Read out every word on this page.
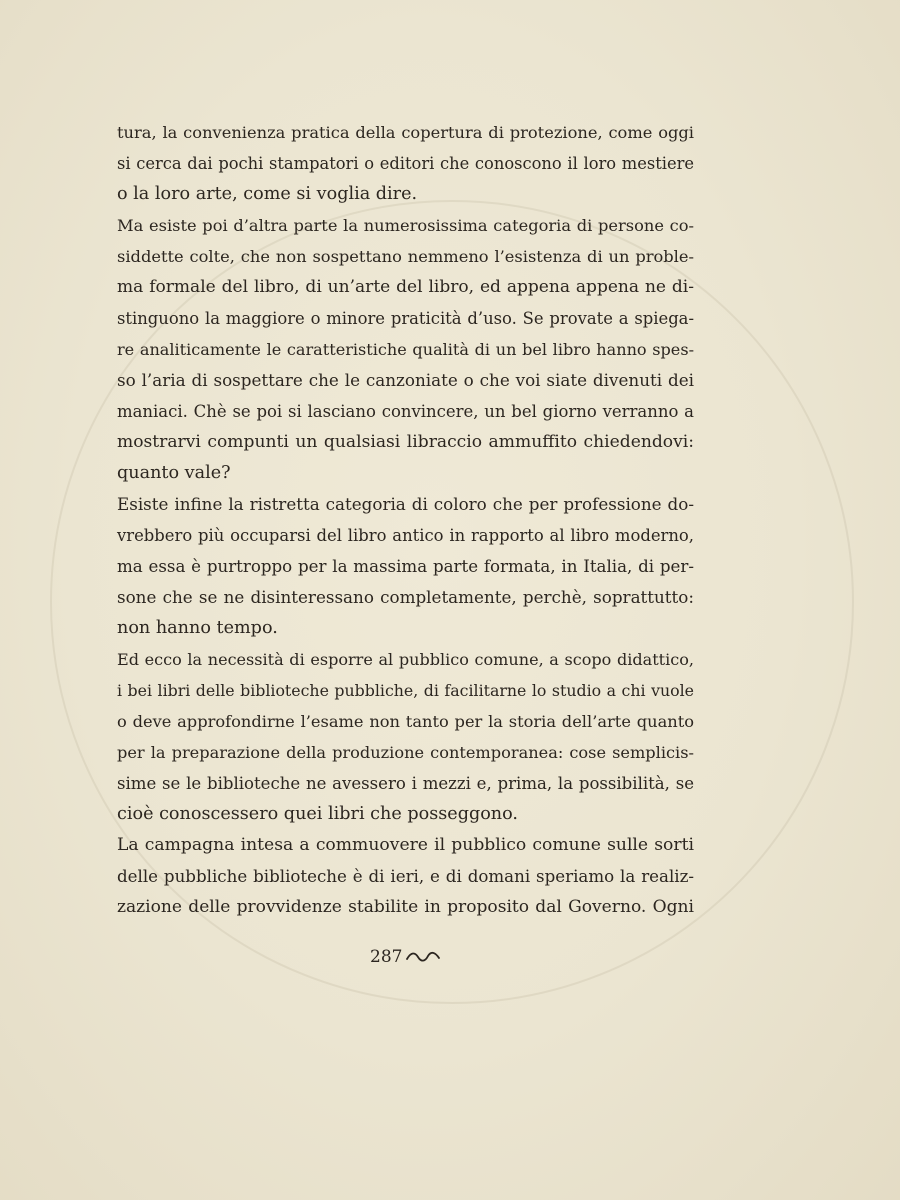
tura, la convenienza pratica della copertura di protezione, come oggi
si cerca dai pochi stampatori o editori che conoscono il loro mestiere
o la loro arte, come si voglia dire.

Ma esiste poi d’altra parte la numerosissima categoria di persone co-
siddette colte, che non sospettano nemmeno l’esistenza di un proble-
ma formale del libro, di un’arte del libro, ed appena appena ne di-
stinguono la maggiore o minore praticità d’uso. Se provate a spiega-
re analiticamente le caratteristiche qualità di un bel libro hanno spes-
so l’aria di sospettare che le canzoniate o che voi siate divenuti dei
maniaci. Chè se poi si lasciano convincere, un bel giorno verranno a
mostrarvi compunti un qualsiasi libraccio ammuffito chiedendovi:
quanto vale?

Esiste infine la ristretta categoria di coloro che per professione do-
vrebbero più occuparsi del libro antico in rapporto al libro moderno,
ma essa è purtroppo per la massima parte formata, in Italia, di per-
sone che se ne disinteressano completamente, perchè, soprattutto:
non hanno tempo.

Ed ecco la necessità di esporre al pubblico comune, a scopo didattico,
i bei libri delle biblioteche pubbliche, di facilitarne lo studio a chi vuole
o deve approfondirne l’esame non tanto per la storia dell’arte quanto
per la preparazione della produzione contemporanea: cose semplicis-
sime se le biblioteche ne avessero i mezzi e, prima, la possibilità, se
cioè conoscessero quei libri che posseggono.

La campagna intesa a commuovere il pubblico comune sulle sorti
delle pubbliche biblioteche è di ieri, e di domani speriamo la realiz-
zazione delle provvidenze stabilite in proposito dal Governo. Ogni

287
